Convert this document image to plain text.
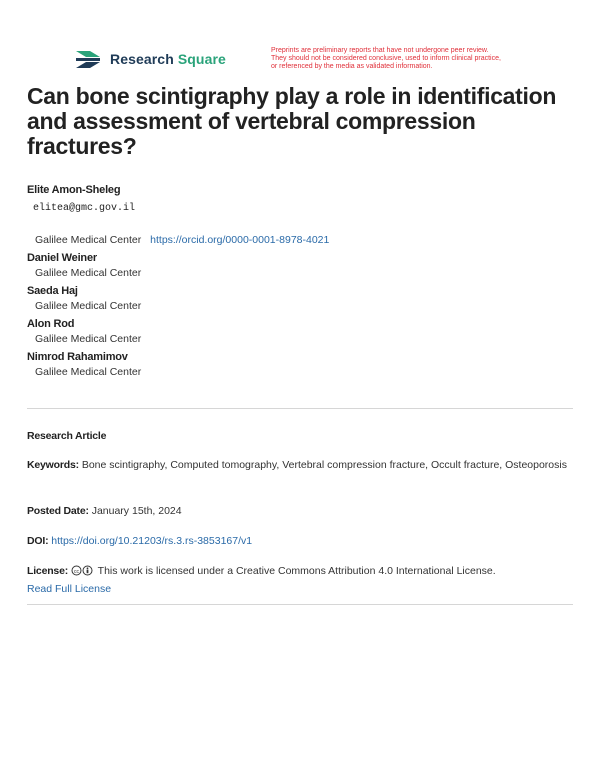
Research Square
Preprints are preliminary reports that have not undergone peer review.
They should not be considered conclusive, used to inform clinical practice,
or referenced by the media as validated information.
Can bone scintigraphy play a role in identification and assessment of vertebral compression fractures?
Elite Amon-Sheleg
elitea@gmc.gov.il
Galilee Medical Center https://orcid.org/0000-0001-8978-4021
Daniel Weiner
Galilee Medical Center
Saeda Haj
Galilee Medical Center
Alon Rod
Galilee Medical Center
Nimrod Rahamimov
Galilee Medical Center
Research Article
Keywords: Bone scintigraphy, Computed tomography, Vertebral compression fracture, Occult fracture, Osteoporosis
Posted Date: January 15th, 2024
DOI: https://doi.org/10.21203/rs.3.rs-3853167/v1
License: cc This work is licensed under a Creative Commons Attribution 4.0 International License.
Read Full License
